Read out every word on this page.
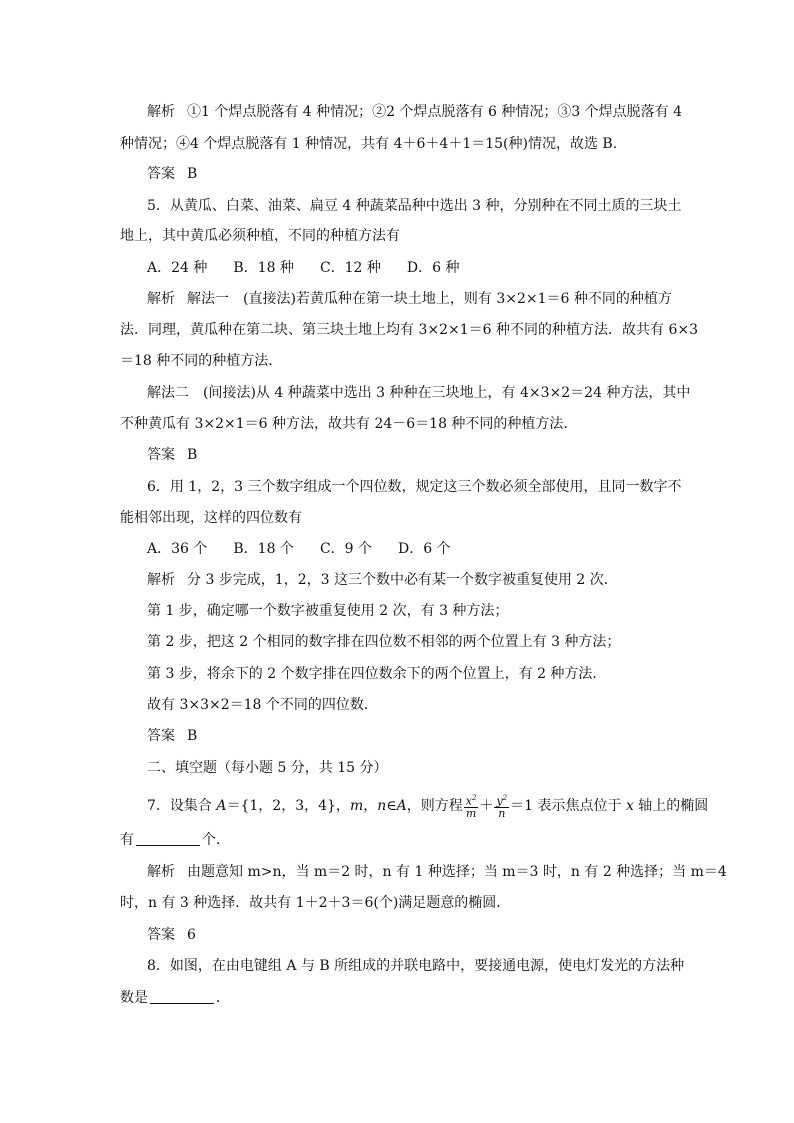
解析 ①1 个焊点脱落有 4 种情况；②2 个焊点脱落有 6 种情况；③3 个焊点脱落有 4
种情况；④4 个焊点脱落有 1 种情况，共有 4＋6＋4＋1＝15(种)情况，故选 B.
答案 B
5．从黄瓜、白菜、油菜、扁豆 4 种蔬菜品种中选出 3 种，分别种在不同土质的三块土
地上，其中黄瓜必须种植，不同的种植方法有
A．24 种 B．18 种 C．12 种 D．6 种
解析 解法一　(直接法)若黄瓜种在第一块土地上，则有 3×2×1＝6 种不同的种植方
法．同理，黄瓜种在第二块、第三块土地上均有 3×2×1＝6 种不同的种植方法．故共有 6×3
＝18 种不同的种植方法．
解法二　(间接法)从 4 种蔬菜中选出 3 种种在三块地上，有 4×3×2＝24 种方法，其中
不种黄瓜有 3×2×1＝6 种方法，故共有 24－6＝18 种不同的种植方法．
答案 B
6．用 1，2，3 三个数字组成一个四位数，规定这三个数必须全部使用，且同一数字不
能相邻出现，这样的四位数有
A．36 个 B．18 个 C．9 个 D．6 个
解析 分 3 步完成，1，2，3 这三个数中必有某一个数字被重复使用 2 次．
第 1 步，确定哪一个数字被重复使用 2 次，有 3 种方法；
第 2 步，把这 2 个相同的数字排在四位数不相邻的两个位置上有 3 种方法；
第 3 步，将余下的 2 个数字排在四位数余下的两个位置上，有 2 种方法．
故有 3×3×2＝18 个不同的四位数．
答案 B
二、填空题（每小题 5 分，共 15 分）
7．设集合 A＝{1，2，3，4}，m，n∈A，则方程 $\frac{x^2}{m} + \frac{y^2}{n} =1$ 表示焦点位于 x 轴上的椭圆
有	个．
解析 由题意知 m>n，当 m＝2 时，n 有 1 种选择；当 m＝3 时，n 有 2 种选择；当 m＝4
时，n 有 3 种选择．故共有 1＋2＋3＝6(个)满足题意的椭圆．
答案 6
8．如图，在由电键组 A 与 B 所组成的并联电路中，要接通电源，使电灯发光的方法种
数是	．
